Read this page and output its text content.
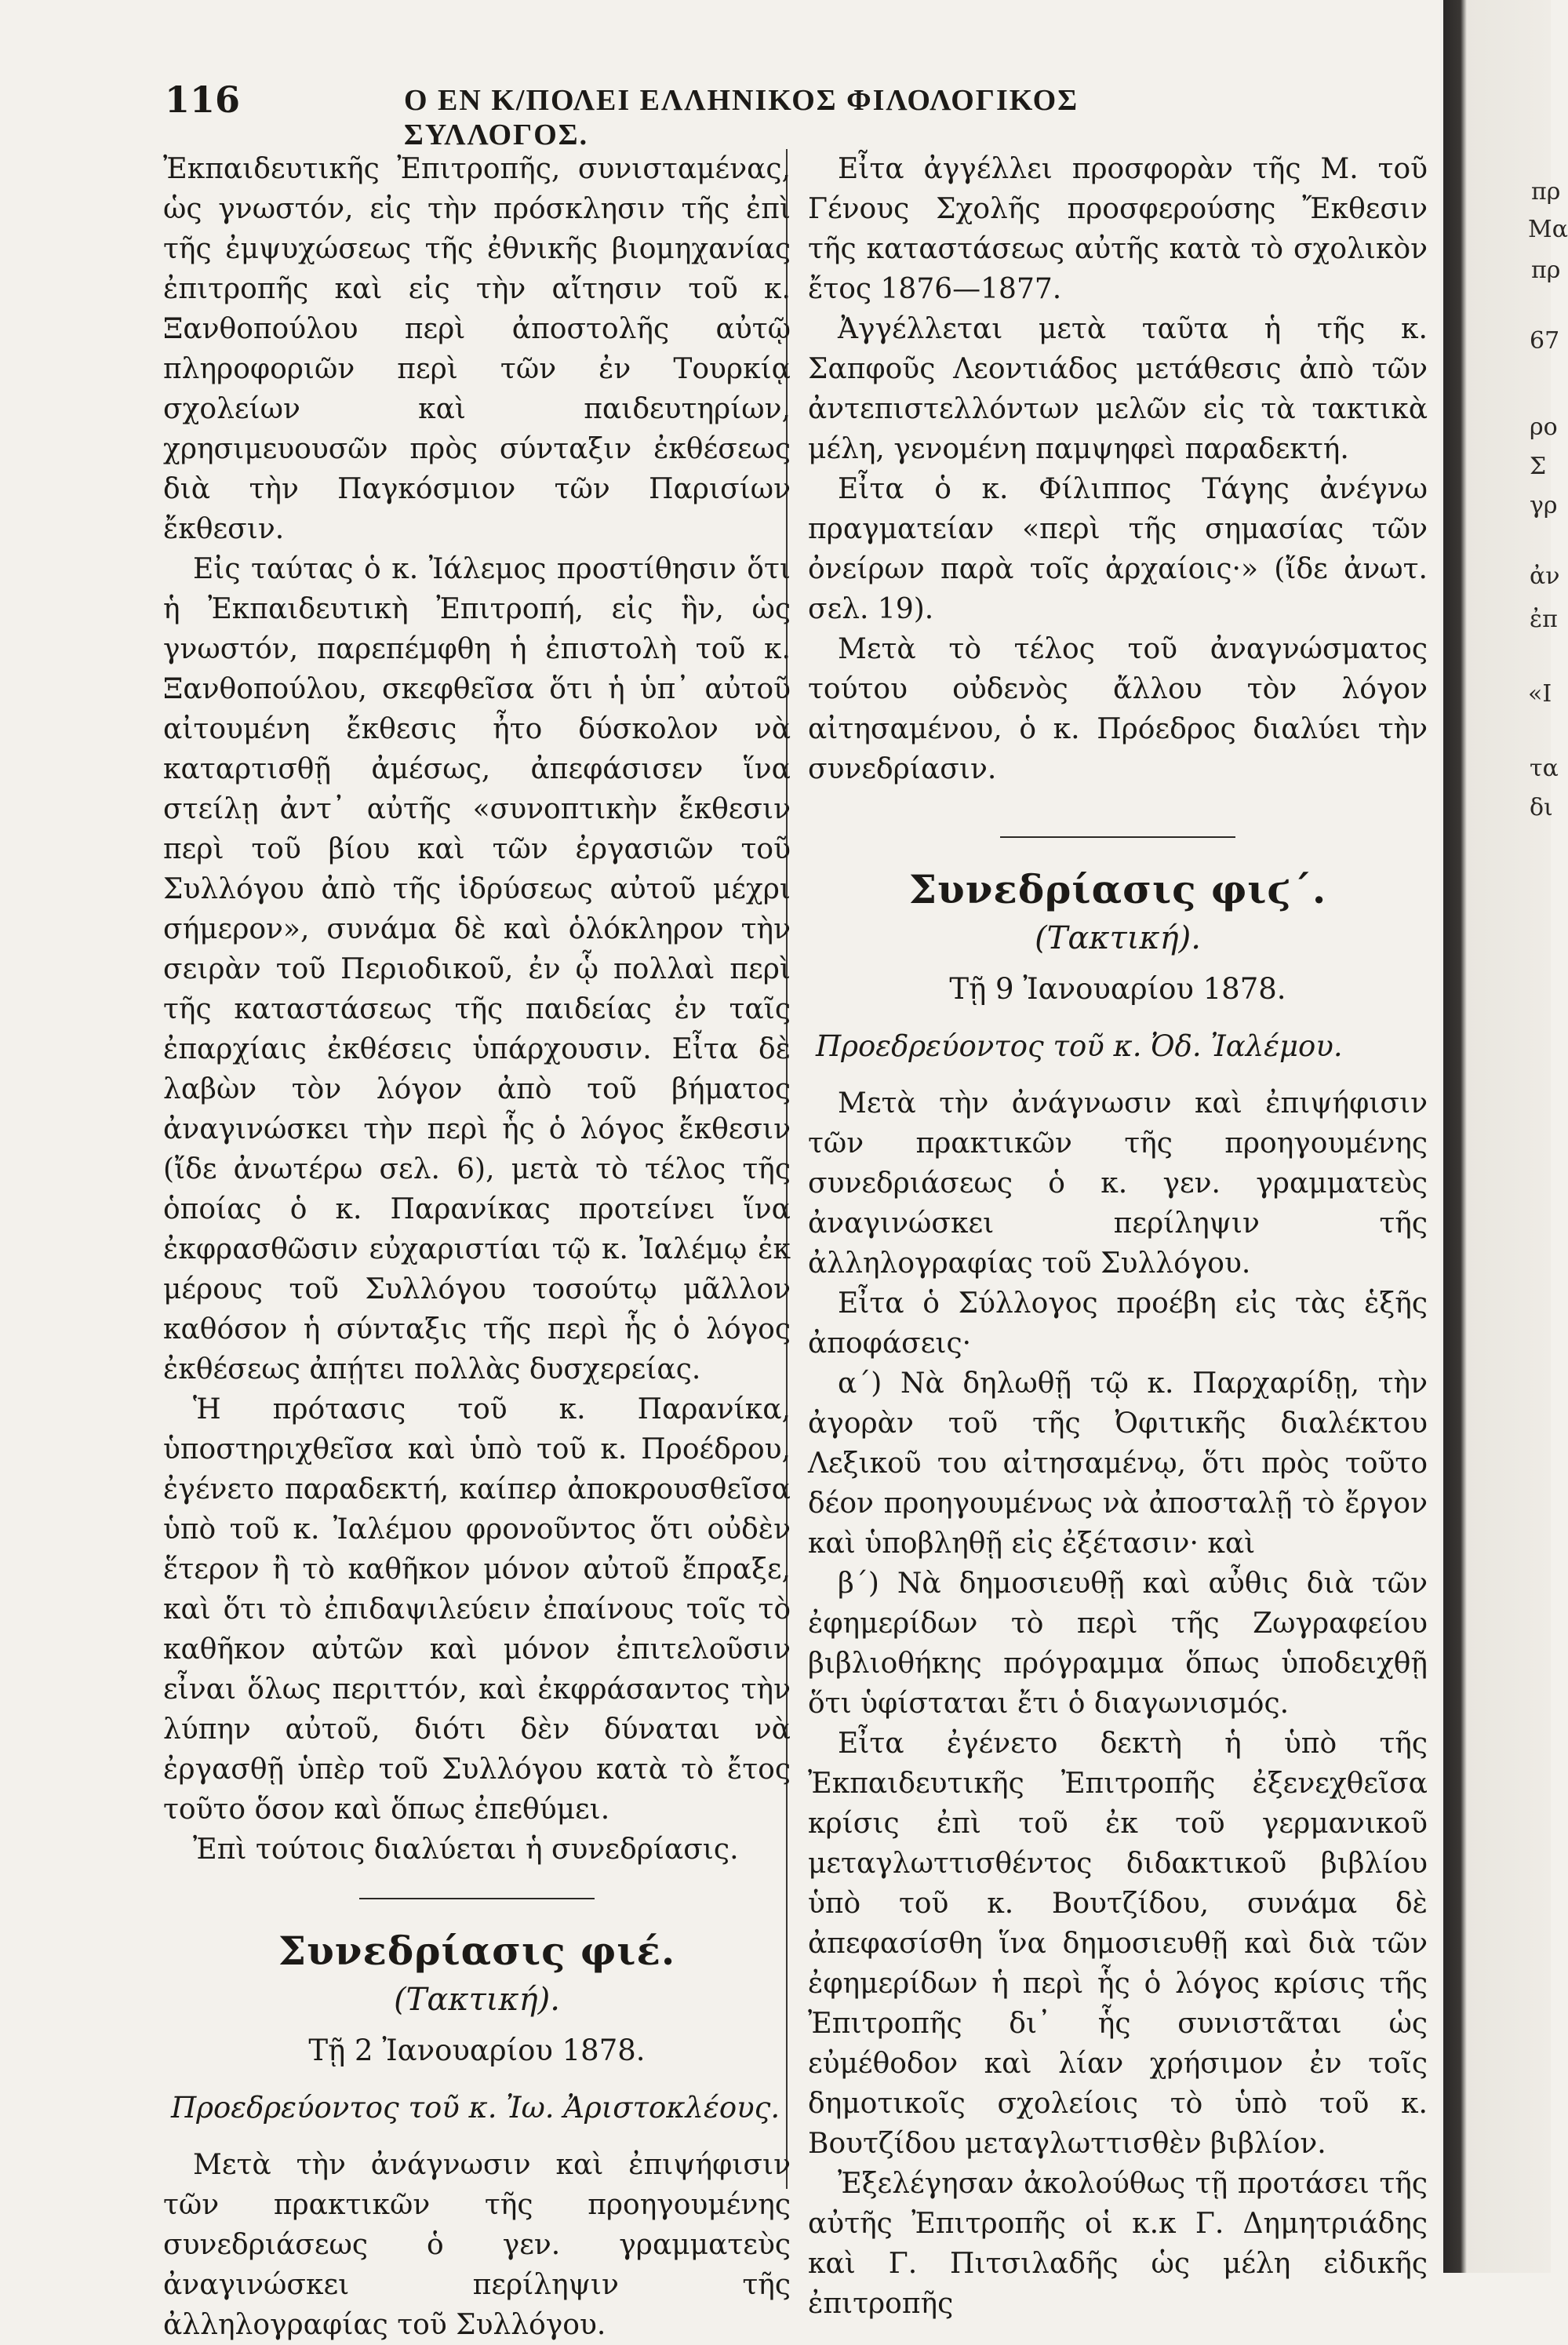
πρ
Μα
πρ
67
ρο
Σ
γρ
ἀν
ἐπ
«Ι
τα
δι
116	Ο ΕΝ Κ/ΠΟΛΕΙ ΕΛΛΗΝΙΚΟΣ ΦΙΛΟΛΟΓΙΚΟΣ ΣΥΛΛΟΓΟΣ.

Ἐκπαιδευτικῆς Ἐπιτροπῆς, συνισταμένας, ὡς γνωστόν, εἰς τὴν πρόσκλησιν τῆς ἐπὶ τῆς ἐμψυχώσεως τῆς ἐθνικῆς βιομηχανίας ἐπιτροπῆς καὶ εἰς τὴν αἴτησιν τοῦ κ. Ξανθοπούλου περὶ ἀποστολῆς αὐτῷ πληροφοριῶν περὶ τῶν ἐν Τουρκίᾳ σχολείων καὶ παιδευτηρίων, χρησιμευουσῶν πρὸς σύνταξιν ἐκθέσεως διὰ τὴν Παγκόσμιον τῶν Παρισίων ἔκθεσιν.

Εἰς ταύτας ὁ κ. Ἰάλεμος προστίθησιν ὅτι ἡ Ἐκπαιδευτικὴ Ἐπιτροπή, εἰς ἣν, ὡς γνωστόν, παρεπέμφθη ἡ ἐπιστολὴ τοῦ κ. Ξανθοπούλου, σκεφθεῖσα ὅτι ἡ ὑπ᾽ αὐτοῦ αἰτουμένη ἔκθεσις ἦτο δύσκολον νὰ καταρτισθῇ ἀμέσως, ἀπεφάσισεν ἵνα στείλῃ ἀντ᾽ αὐτῆς «συνοπτικὴν ἔκθεσιν περὶ τοῦ βίου καὶ τῶν ἐργασιῶν τοῦ Συλλόγου ἀπὸ τῆς ἱδρύσεως αὐτοῦ μέχρι σήμερον», συνάμα δὲ καὶ ὁλόκληρον τὴν σειρὰν τοῦ Περιοδικοῦ, ἐν ᾧ πολλαὶ περὶ τῆς καταστάσεως τῆς παιδείας ἐν ταῖς ἐπαρχίαις ἐκθέσεις ὑπάρχουσιν. Εἶτα δὲ λαβὼν τὸν λόγον ἀπὸ τοῦ βήματος ἀναγινώσκει τὴν περὶ ἧς ὁ λόγος ἔκθεσιν (ἴδε ἀνωτέρω σελ. 6), μετὰ τὸ τέλος τῆς ὁποίας ὁ κ. Παρανίκας προτείνει ἵνα ἐκφρασθῶσιν εὐχαριστίαι τῷ κ. Ἰαλέμῳ ἐκ μέρους τοῦ Συλλόγου τοσούτῳ μᾶλλον καθόσον ἡ σύνταξις τῆς περὶ ἧς ὁ λόγος ἐκθέσεως ἀπῄτει πολλὰς δυσχερείας.

Ἡ πρότασις τοῦ κ. Παρανίκα, ὑποστηριχθεῖσα καὶ ὑπὸ τοῦ κ. Προέδρου, ἐγένετο παραδεκτή, καίπερ ἀποκρουσθεῖσα ὑπὸ τοῦ κ. Ἰαλέμου φρονοῦντος ὅτι οὐδὲν ἕτερον ἢ τὸ καθῆκον μόνον αὐτοῦ ἔπραξε, καὶ ὅτι τὸ ἐπιδαψιλεύειν ἐπαίνους τοῖς τὸ καθῆκον αὐτῶν καὶ μόνον ἐπιτελοῦσιν εἶναι ὅλως περιττόν, καὶ ἐκφράσαντος τὴν λύπην αὐτοῦ, διότι δὲν δύναται νὰ ἐργασθῇ ὑπὲρ τοῦ Συλλόγου κατὰ τὸ ἔτος τοῦτο ὅσον καὶ ὅπως ἐπεθύμει.

Ἐπὶ τούτοις διαλύεται ἡ συνεδρίασις.

Συνεδρίασις φιέ.
(Τακτική).
Τῇ 2 Ἰανουαρίου 1878.
Προεδρεύοντος τοῦ κ. Ἰω. Ἀριστοκλέους.

Μετὰ τὴν ἀνάγνωσιν καὶ ἐπιψήφισιν τῶν πρακτικῶν τῆς προηγουμένης συνεδριάσεως ὁ γεν. γραμματεὺς ἀναγινώσκει περίληψιν τῆς ἀλληλογραφίας τοῦ Συλλόγου.

Εἶτα ἀγγέλλει προσφορὰν τῆς Μ. τοῦ Γένους Σχολῆς προσφερούσης Ἔκθεσιν τῆς καταστάσεως αὐτῆς κατὰ τὸ σχολικὸν ἔτος 1876—1877.

Ἀγγέλλεται μετὰ ταῦτα ἡ τῆς κ. Σαπφοῦς Λεοντιάδος μετάθεσις ἀπὸ τῶν ἀντεπιστελλόντων μελῶν εἰς τὰ τακτικὰ μέλη, γενομένη παμψηφεὶ παραδεκτή.

Εἶτα ὁ κ. Φίλιππος Τάγης ἀνέγνω πραγματείαν «περὶ τῆς σημασίας τῶν ὀνείρων παρὰ τοῖς ἀρχαίοις·» (ἴδε ἀνωτ. σελ. 19).

Μετὰ τὸ τέλος τοῦ ἀναγνώσματος τούτου οὐδενὸς ἄλλου τὸν λόγον αἰτησαμένου, ὁ κ. Πρόεδρος διαλύει τὴν συνεδρίασιν.

Συνεδρίασις φιϛ΄.
(Τακτική).
Τῇ 9 Ἰανουαρίου 1878.
Προεδρεύοντος τοῦ κ. Ὀδ. Ἰαλέμου.

Μετὰ τὴν ἀνάγνωσιν καὶ ἐπιψήφισιν τῶν πρακτικῶν τῆς προηγουμένης συνεδριάσεως ὁ κ. γεν. γραμματεὺς ἀναγινώσκει περίληψιν τῆς ἀλληλογραφίας τοῦ Συλλόγου.

Εἶτα ὁ Σύλλογος προέβη εἰς τὰς ἑξῆς ἀποφάσεις·

α΄) Νὰ δηλωθῇ τῷ κ. Παρχαρίδῃ, τὴν ἀγορὰν τοῦ τῆς Ὀφιτικῆς διαλέκτου Λεξικοῦ του αἰτησαμένῳ, ὅτι πρὸς τοῦτο δέον προηγουμένως νὰ ἀποσταλῇ τὸ ἔργον καὶ ὑποβληθῇ εἰς ἐξέτασιν· καὶ

β΄) Νὰ δημοσιευθῇ καὶ αὖθις διὰ τῶν ἐφημερίδων τὸ περὶ τῆς Ζωγραφείου βιβλιοθήκης πρόγραμμα ὅπως ὑποδειχθῇ ὅτι ὑφίσταται ἔτι ὁ διαγωνισμός.

Εἶτα ἐγένετο δεκτὴ ἡ ὑπὸ τῆς Ἐκπαιδευτικῆς Ἐπιτροπῆς ἐξενεχθεῖσα κρίσις ἐπὶ τοῦ ἐκ τοῦ γερμανικοῦ μεταγλωττισθέντος διδακτικοῦ βιβλίου ὑπὸ τοῦ κ. Βουτζίδου, συνάμα δὲ ἀπεφασίσθη ἵνα δημοσιευθῇ καὶ διὰ τῶν ἐφημερίδων ἡ περὶ ἧς ὁ λόγος κρίσις τῆς Ἐπιτροπῆς δι᾽ ἧς συνιστᾶται ὡς εὐμέθοδον καὶ λίαν χρήσιμον ἐν τοῖς δημοτικοῖς σχολείοις τὸ ὑπὸ τοῦ κ. Βουτζίδου μεταγλωττισθὲν βιβλίον.

Ἐξελέγησαν ἀκολούθως τῇ προτάσει τῆς αὐτῆς Ἐπιτροπῆς οἱ κ.κ Γ. Δημητριάδης καὶ Γ. Πιτσιλαδῆς ὡς μέλη εἰδικῆς ἐπιτροπῆς
